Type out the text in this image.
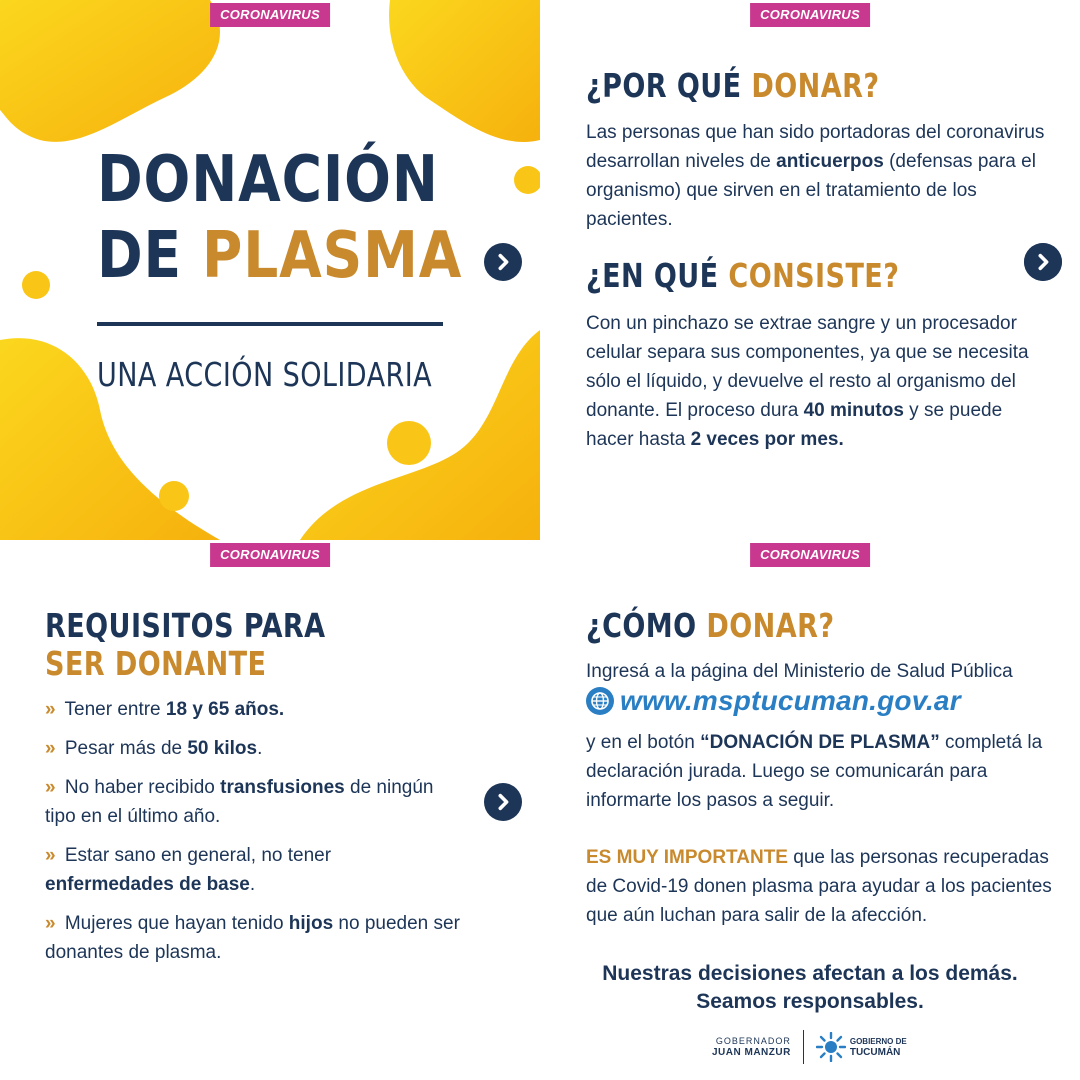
CORONAVIRUS
DONACIÓN
DE PLASMA
UNA ACCIÓN SOLIDARIA
CORONAVIRUS
¿POR QUÉ DONAR?
Las personas que han sido portadoras del coronavirus desarrollan niveles de anticuerpos (defensas para el organismo) que sirven en el tratamiento de los pacientes.
¿EN QUÉ CONSISTE?
Con un pinchazo se extrae sangre y un procesador celular separa sus componentes, ya que se necesita sólo el líquido, y devuelve el resto al organismo del donante. El proceso dura 40 minutos y se puede hacer hasta 2 veces por mes.
CORONAVIRUS
REQUISITOS PARA
SER DONANTE
» Tener entre 18 y 65 años.
» Pesar más de 50 kilos.
» No haber recibido transfusiones de ningún tipo en el último año.
» Estar sano en general, no tener enfermedades de base.
» Mujeres que hayan tenido hijos no pueden ser donantes de plasma.
CORONAVIRUS
¿CÓMO DONAR?
Ingresá a la página del Ministerio de Salud Pública
y en el botón “DONACIÓN DE PLASMA” completá la declaración jurada. Luego se comunicarán para informarte los pasos a seguir.
ES MUY IMPORTANTE que las personas recuperadas de Covid-19 donen plasma para ayudar a los pacientes que aún luchan para salir de la afección.
www.msptucuman.gov.ar
Nuestras decisiones afectan a los demás.
Seamos responsables.
GOBERNADOR
JUAN MANZUR
GOBIERNO DE
TUCUMÁN
